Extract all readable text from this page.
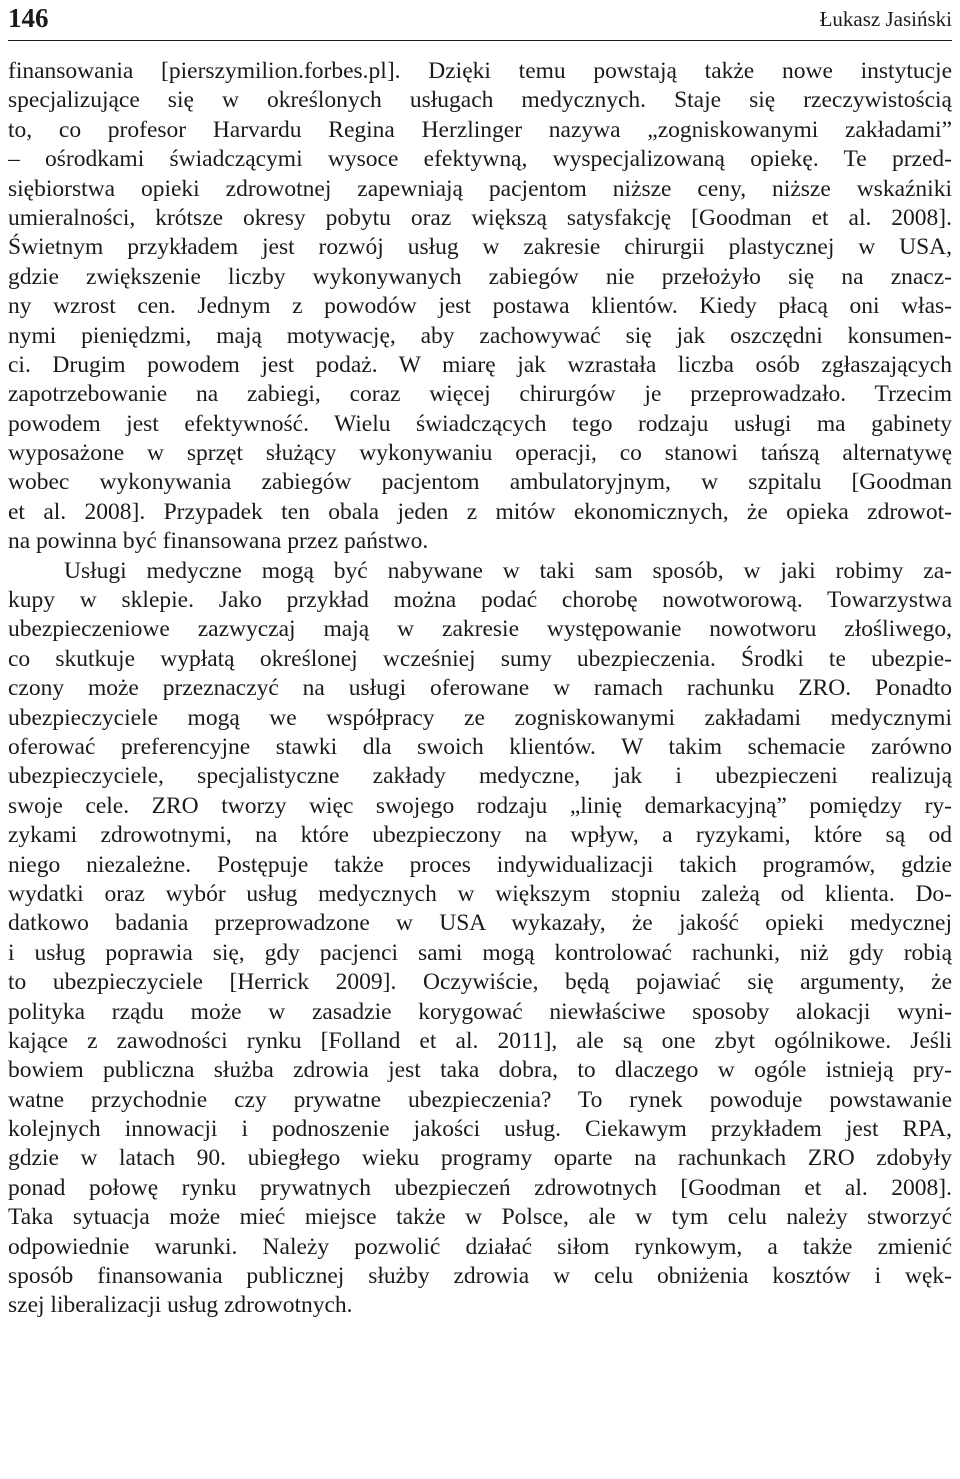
146	Łukasz Jasiński
finansowania [pierszymilion.forbes.pl]. Dzięki temu powstają także nowe instytucje
specjalizujące się w określonych usługach medycznych. Staje się rzeczywistością
to, co profesor Harvardu Regina Herzlinger nazywa „zogniskowanymi zakładami”
– ośrodkami świadczącymi wysoce efektywną, wyspecjalizowaną opiekę. Te przed-
siębiorstwa opieki zdrowotnej zapewniają pacjentom niższe ceny, niższe wskaźniki
umieralności, krótsze okresy pobytu oraz większą satysfakcję [Goodman et al. 2008].
Świetnym przykładem jest rozwój usług w zakresie chirurgii plastycznej w USA,
gdzie zwiększenie liczby wykonywanych zabiegów nie przełożyło się na znacz-
ny wzrost cen. Jednym z powodów jest postawa klientów. Kiedy płacą oni włas-
nymi pieniędzmi, mają motywację, aby zachowywać się jak oszczędni konsumen-
ci. Drugim powodem jest podaż. W miarę jak wzrastała liczba osób zgłaszających
zapotrzebowanie na zabiegi, coraz więcej chirurgów je przeprowadzało. Trzecim
powodem jest efektywność. Wielu świadczących tego rodzaju usługi ma gabinety
wyposażone w sprzęt służący wykonywaniu operacji, co stanowi tańszą alternatywę
wobec wykonywania zabiegów pacjentom ambulatoryjnym, w szpitalu [Goodman
et al. 2008]. Przypadek ten obala jeden z mitów ekonomicznych, że opieka zdrowot-
na powinna być finansowana przez państwo.
Usługi medyczne mogą być nabywane w taki sam sposób, w jaki robimy za-
kupy w sklepie. Jako przykład można podać chorobę nowotworową. Towarzystwa
ubezpieczeniowe zazwyczaj mają w zakresie występowanie nowotworu złośliwego,
co skutkuje wypłatą określonej wcześniej sumy ubezpieczenia. Środki te ubezpie-
czony może przeznaczyć na usługi oferowane w ramach rachunku ZRO. Ponadto
ubezpieczyciele mogą we współpracy ze zogniskowanymi zakładami medycznymi
oferować preferencyjne stawki dla swoich klientów. W takim schemacie zarówno
ubezpieczyciele, specjalistyczne zakłady medyczne, jak i ubezpieczeni realizują
swoje cele. ZRO tworzy więc swojego rodzaju „linię demarkacyjną” pomiędzy ry-
zykami zdrowotnymi, na które ubezpieczony na wpływ, a ryzykami, które są od
niego niezależne. Postępuje także proces indywidualizacji takich programów, gdzie
wydatki oraz wybór usług medycznych w większym stopniu zależą od klienta. Do-
datkowo badania przeprowadzone w USA wykazały, że jakość opieki medycznej
i usług poprawia się, gdy pacjenci sami mogą kontrolować rachunki, niż gdy robią
to ubezpieczyciele [Herrick 2009]. Oczywiście, będą pojawiać się argumenty, że
polityka rządu może w zasadzie korygować niewłaściwe sposoby alokacji wyni-
kające z zawodności rynku [Folland et al. 2011], ale są one zbyt ogólnikowe. Jeśli
bowiem publiczna służba zdrowia jest taka dobra, to dlaczego w ogóle istnieją pry-
watne przychodnie czy prywatne ubezpieczenia? To rynek powoduje powstawanie
kolejnych innowacji i podnoszenie jakości usług. Ciekawym przykładem jest RPA,
gdzie w latach 90. ubiegłego wieku programy oparte na rachunkach ZRO zdobyły
ponad połowę rynku prywatnych ubezpieczeń zdrowotnych [Goodman et al. 2008].
Taka sytuacja może mieć miejsce także w Polsce, ale w tym celu należy stworzyć
odpowiednie warunki. Należy pozwolić działać siłom rynkowym, a także zmienić
sposób finansowania publicznej służby zdrowia w celu obniżenia kosztów i węk-
szej liberalizacji usług zdrowotnych.
